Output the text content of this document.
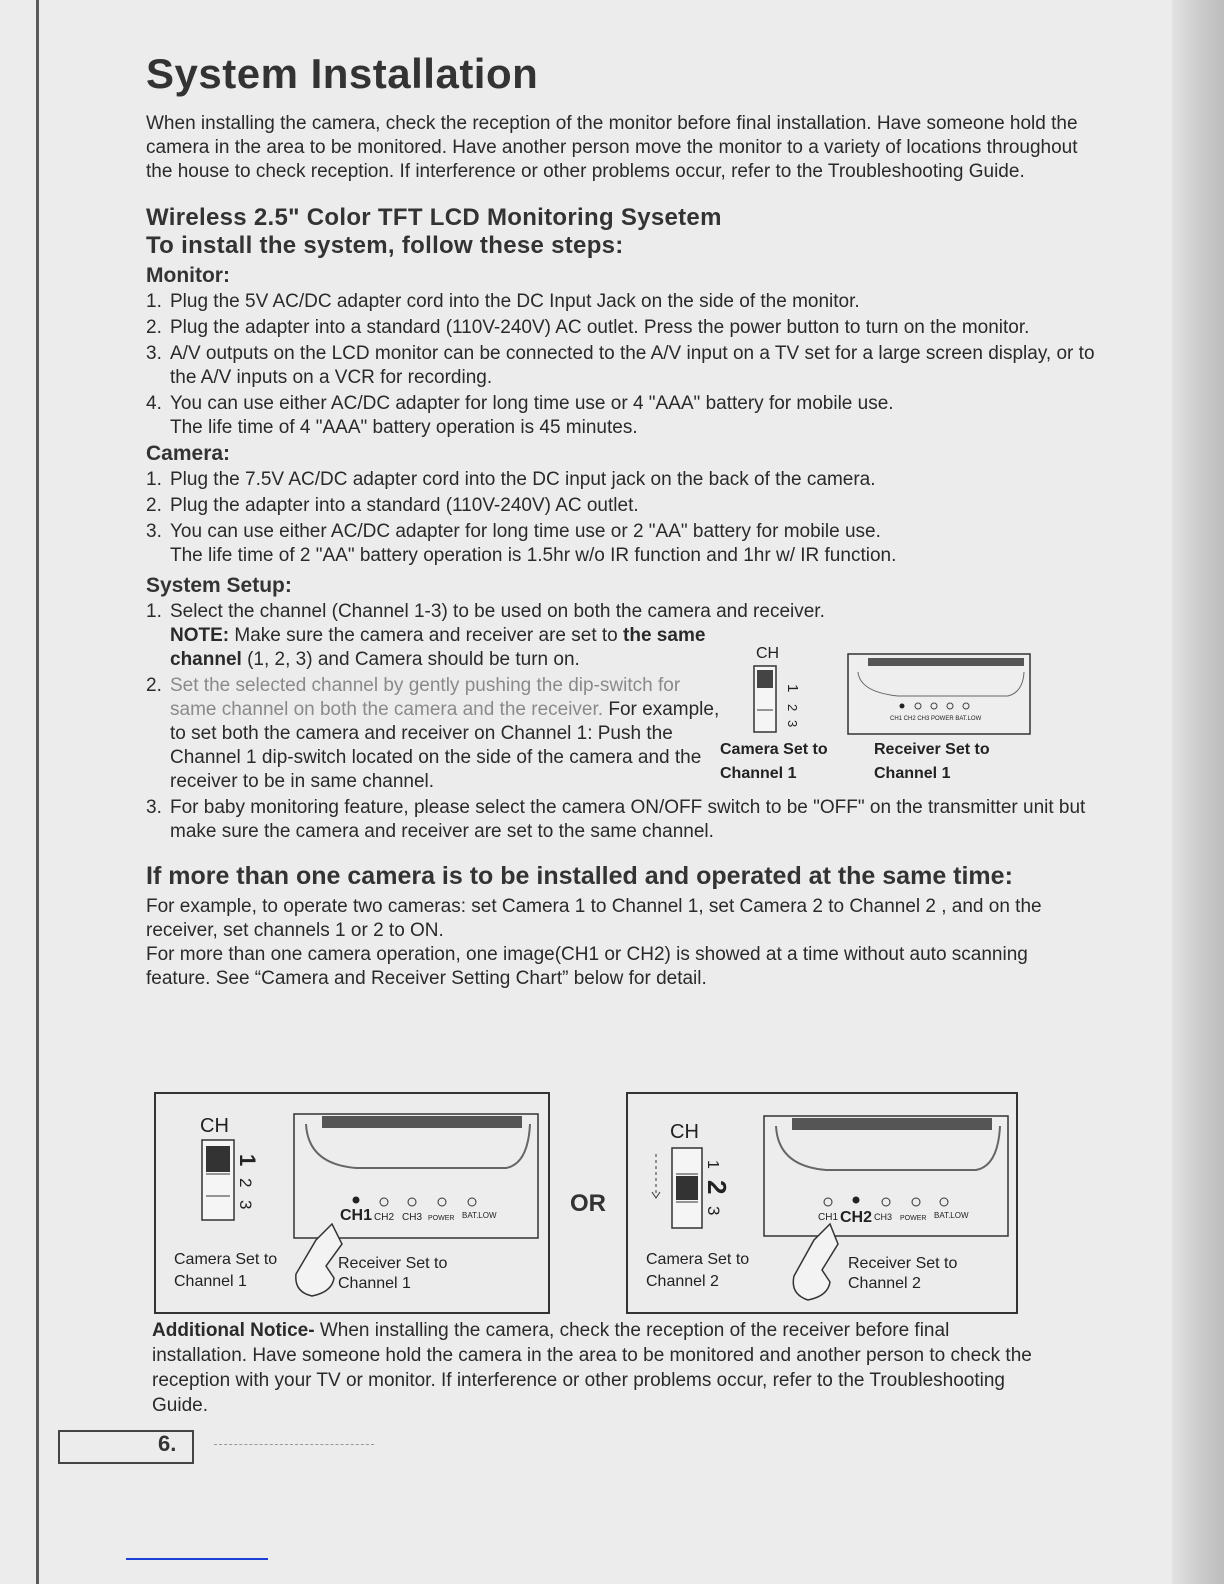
System Installation

When installing the camera, check the reception of the monitor before final installation. Have someone hold the camera in the area to be monitored. Have another person move the monitor to a variety of locations throughout the house to check reception. If interference or other problems occur, refer to the Troubleshooting Guide.

Wireless 2.5" Color TFT LCD Monitoring Sysetem

To install the system, follow these steps:

Monitor:
1. Plug the 5V AC/DC adapter cord into the DC Input Jack on the side of the monitor.
2. Plug the adapter into a standard (110V-240V) AC outlet. Press the power button to turn on the monitor.
3. A/V outputs on the LCD monitor can be connected to the A/V input on a TV set for a large screen display, or to the A/V inputs on a VCR for recording.
4. You can use either AC/DC adapter for long time use or 4 "AAA" battery for mobile use.
The life time of 4 "AAA" battery operation is 45 minutes.
Camera:
1. Plug the 7.5V AC/DC adapter cord into the DC input jack on the back of the camera.
2. Plug the adapter into a standard (110V-240V) AC outlet.
3. You can use either AC/DC adapter for long time use or 2 "AA" battery for mobile use.
The life time of 2 "AA" battery operation is 1.5hr w/o IR function and 1hr w/ IR function.
System Setup:
1. Select the channel (Channel 1-3) to be used on both the camera and receiver.
NOTE: Make sure the camera and receiver are set to the same channel (1, 2, 3) and Camera should be turn on.
2. Set the selected channel by gently pushing the dip-switch for same channel on both the camera and the receiver. For example, to set both the camera and receiver on Channel 1: Push the Channel 1 dip-switch located on the side of the camera and the receiver to be in same channel.
3. For baby monitoring feature, please select the camera ON/OFF switch to be "OFF" on the transmitter unit but make sure the camera and receiver are set to the same channel.
CH
1
2
3
CH1 CH2 CH3 POWER BAT.LOW
Camera Set to
Channel 1
Receiver Set to
Channel 1
If more than one camera is to be installed and operated at the same time:

For example, to operate two cameras: set Camera 1 to Channel 1, set Camera 2 to Channel 2 , and on the receiver, set channels 1 or 2 to ON.

For more than one camera operation, one image(CH1 or CH2) is showed at a time without auto scanning feature. See “Camera and Receiver Setting Chart” below for detail.

CH
1
2
3
CH1 CH2 CH3 POWER BAT.LOW
Camera Set to
Channel 1
Receiver Set to
Channel 1
OR
CH
1
2
3
CH1 CH2 CH3 POWER BAT.LOW
Camera Set to
Channel 2
Receiver Set to
Channel 2
Additional Notice- When installing the camera, check the reception of the receiver before final installation. Have someone hold the camera in the area to be monitored and another person to check the reception with your TV or monitor. If interference or other problems occur, refer to the Troubleshooting Guide.
6.
